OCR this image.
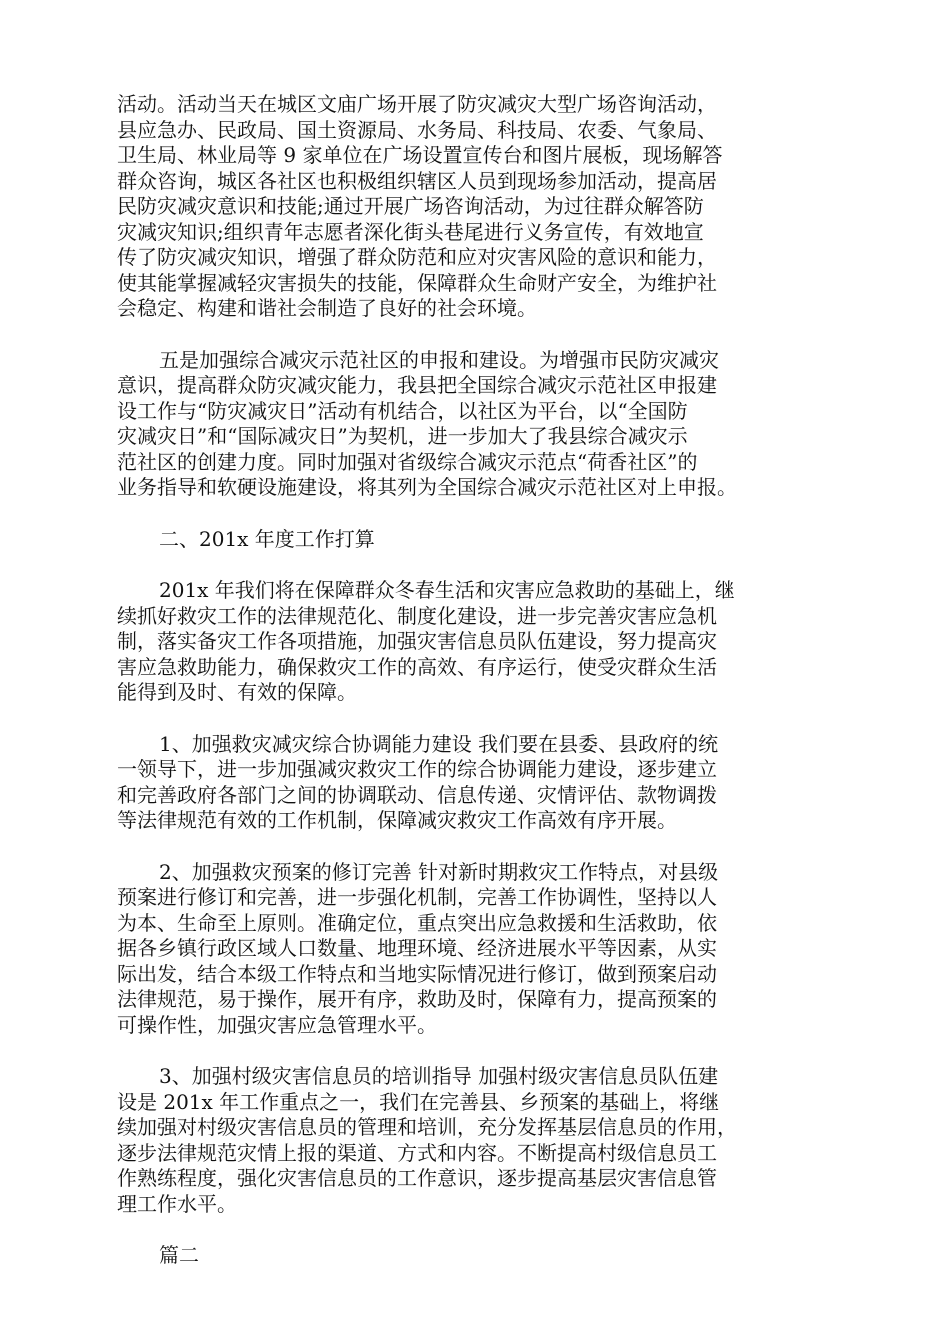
活动。活动当天在城区文庙广场开展了防灾减灾大型广场咨询活动，
县应急办、民政局、国土资源局、水务局、科技局、农委、气象局、
卫生局、林业局等 9 家单位在广场设置宣传台和图片展板，现场解答
群众咨询，城区各社区也积极组织辖区人员到现场参加活动，提高居
民防灾减灾意识和技能;通过开展广场咨询活动，为过往群众解答防
灾减灾知识;组织青年志愿者深化街头巷尾进行义务宣传，有效地宣
传了防灾减灾知识，增强了群众防范和应对灾害风险的意识和能力，
使其能掌握减轻灾害损失的技能，保障群众生命财产安全，为维护社
会稳定、构建和谐社会制造了良好的社会环境。

五是加强综合减灾示范社区的申报和建设。为增强市民防灾减灾
意识，提高群众防灾减灾能力，我县把全国综合减灾示范社区申报建
设工作与“防灾减灾日”活动有机结合，以社区为平台，以“全国防
灾减灾日”和“国际减灾日”为契机，进一步加大了我县综合减灾示
范社区的创建力度。同时加强对省级综合减灾示范点“荷香社区”的
业务指导和软硬设施建设，将其列为全国综合减灾示范社区对上申报。

二、201x 年度工作打算

201x 年我们将在保障群众冬春生活和灾害应急救助的基础上，继
续抓好救灾工作的法律规范化、制度化建设，进一步完善灾害应急机
制，落实备灾工作各项措施，加强灾害信息员队伍建设，努力提高灾
害应急救助能力，确保救灾工作的高效、有序运行，使受灾群众生活
能得到及时、有效的保障。

1、加强救灾减灾综合协调能力建设 我们要在县委、县政府的统
一领导下，进一步加强减灾救灾工作的综合协调能力建设，逐步建立
和完善政府各部门之间的协调联动、信息传递、灾情评估、款物调拨
等法律规范有效的工作机制，保障减灾救灾工作高效有序开展。

2、加强救灾预案的修订完善 针对新时期救灾工作特点，对县级
预案进行修订和完善，进一步强化机制，完善工作协调性，坚持以人
为本、生命至上原则。准确定位，重点突出应急救援和生活救助，依
据各乡镇行政区域人口数量、地理环境、经济进展水平等因素，从实
际出发，结合本级工作特点和当地实际情况进行修订，做到预案启动
法律规范，易于操作，展开有序，救助及时，保障有力，提高预案的
可操作性，加强灾害应急管理水平。

3、加强村级灾害信息员的培训指导 加强村级灾害信息员队伍建
设是 201x 年工作重点之一，我们在完善县、乡预案的基础上，将继
续加强对村级灾害信息员的管理和培训，充分发挥基层信息员的作用，
逐步法律规范灾情上报的渠道、方式和内容。不断提高村级信息员工
作熟练程度，强化灾害信息员的工作意识，逐步提高基层灾害信息管
理工作水平。

篇二
